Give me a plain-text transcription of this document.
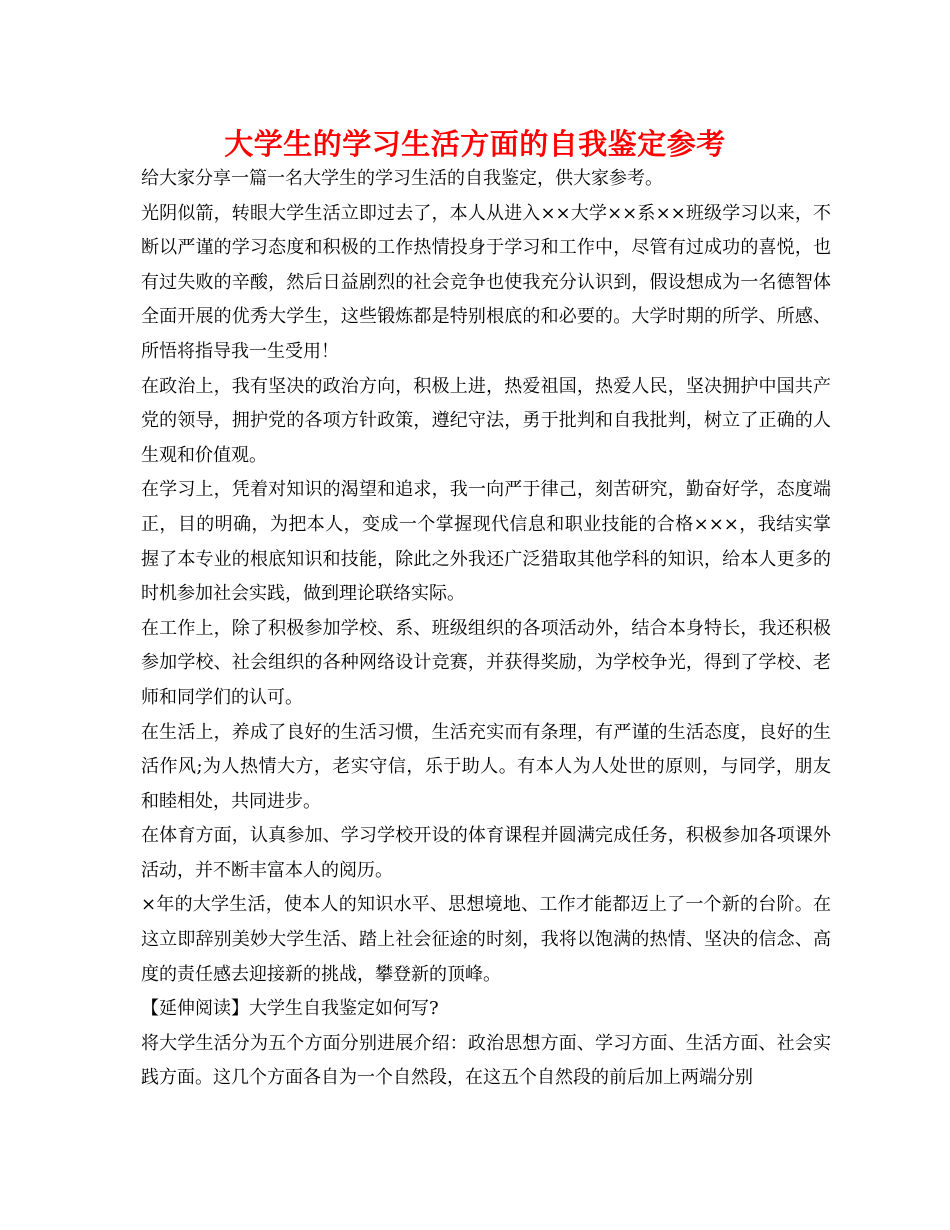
大学生的学习生活方面的自我鉴定参考

给大家分享一篇一名大学生的学习生活的自我鉴定，供大家参考。

光阴似箭，转眼大学生活立即过去了，本人从进入××大学××系××班级学习以来，不断以严谨的学习态度和积极的工作热情投身于学习和工作中，尽管有过成功的喜悦，也有过失败的辛酸，然后日益剧烈的社会竞争也使我充分认识到，假设想成为一名德智体全面开展的优秀大学生，这些锻炼都是特别根底的和必要的。大学时期的所学、所感、所悟将指导我一生受用！

在政治上，我有坚决的政治方向，积极上进，热爱祖国，热爱人民，坚决拥护中国共产党的领导，拥护党的各项方针政策，遵纪守法，勇于批判和自我批判，树立了正确的人生观和价值观。

在学习上，凭着对知识的渴望和追求，我一向严于律己，刻苦研究，勤奋好学，态度端正，目的明确，为把本人，变成一个掌握现代信息和职业技能的合格×××，我结实掌握了本专业的根底知识和技能，除此之外我还广泛猎取其他学科的知识，给本人更多的时机参加社会实践，做到理论联络实际。

在工作上，除了积极参加学校、系、班级组织的各项活动外，结合本身特长，我还积极参加学校、社会组织的各种网络设计竞赛，并获得奖励，为学校争光，得到了学校、老师和同学们的认可。

在生活上，养成了良好的生活习惯，生活充实而有条理，有严谨的生活态度，良好的生活作风;为人热情大方，老实守信，乐于助人。有本人为人处世的原则，与同学，朋友和睦相处，共同进步。

在体育方面，认真参加、学习学校开设的体育课程并圆满完成任务，积极参加各项课外活动，并不断丰富本人的阅历。

×年的大学生活，使本人的知识水平、思想境地、工作才能都迈上了一个新的台阶。在这立即辞别美妙大学生活、踏上社会征途的时刻，我将以饱满的热情、坚决的信念、高度的责任感去迎接新的挑战，攀登新的顶峰。

【延伸阅读】大学生自我鉴定如何写?

将大学生活分为五个方面分别进展介绍：政治思想方面、学习方面、生活方面、社会实践方面。这几个方面各自为一个自然段，在这五个自然段的前后加上两端分别
